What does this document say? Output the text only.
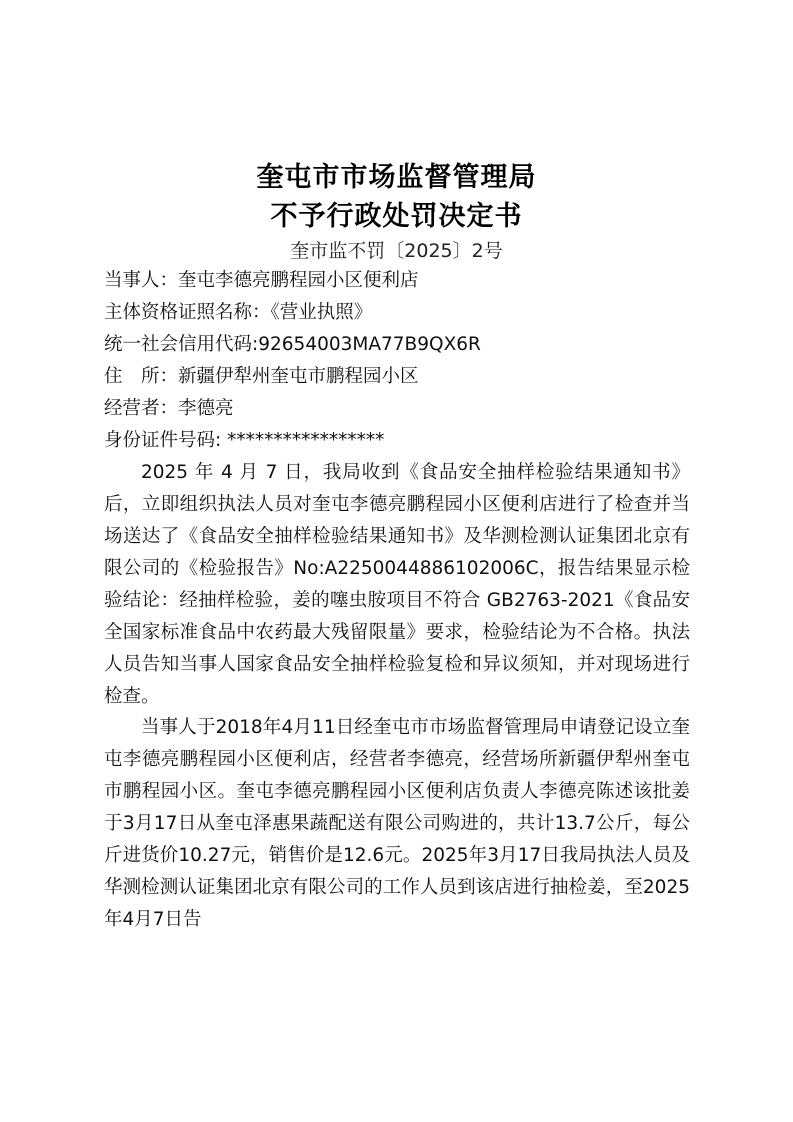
奎屯市市场监督管理局
不予行政处罚决定书
奎市监不罚〔2025〕2号
当事人：奎屯李德亮鹏程园小区便利店
主体资格证照名称：《营业执照》
统一社会信用代码:92654003MA77B9QX6R
住　所：新疆伊犁州奎屯市鹏程园小区
经营者：李德亮
身份证件号码: *****************

2025 年 4 月 7 日，我局收到《食品安全抽样检验结果通知书》后，立即组织执法人员对奎屯李德亮鹏程园小区便利店进行了检查并当场送达了《食品安全抽样检验结果通知书》及华测检测认证集团北京有限公司的《检验报告》No:A2250044886102006C，报告结果显示检验结论：经抽样检验，姜的噻虫胺项目不符合 GB2763-2021《食品安全国家标准食品中农药最大残留限量》要求，检验结论为不合格。执法人员告知当事人国家食品安全抽样检验复检和异议须知，并对现场进行检查。

当事人于2018年4月11日经奎屯市市场监督管理局申请登记设立奎屯李德亮鹏程园小区便利店，经营者李德亮，经营场所新疆伊犁州奎屯市鹏程园小区。奎屯李德亮鹏程园小区便利店负责人李德亮陈述该批姜于3月17日从奎屯泽惠果蔬配送有限公司购进的，共计13.7公斤，每公斤进货价10.27元，销售价是12.6元。2025年3月17日我局执法人员及华测检测认证集团北京有限公司的工作人员到该店进行抽检姜，至2025年4月7日告
